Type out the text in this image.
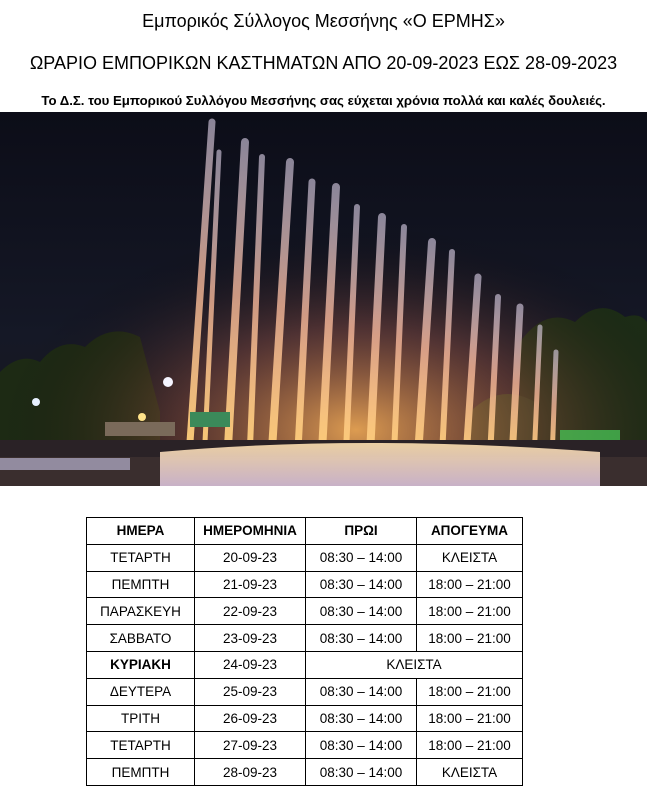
Εμπορικός Σύλλογος Μεσσήνης «Ο ΕΡΜΗΣ»
ΩΡΑΡΙΟ ΕΜΠΟΡΙΚΩΝ ΚΑΣΤΗΜΑΤΩΝ ΑΠΟ 20-09-2023 ΕΩΣ 28-09-2023
Το Δ.Σ. του Εμπορικού Συλλόγου Μεσσήνης σας εύχεται χρόνια πολλά και καλές δουλειές.
ΗΜΕΡΑ	ΗΜΕΡΟΜΗΝΙΑ	ΠΡΩΙ	ΑΠΟΓΕΥΜΑ
ΤΕΤΑΡΤΗ	20-09-23	08:30 – 14:00	ΚΛΕΙΣΤΑ
ΠΕΜΠΤΗ	21-09-23	08:30 – 14:00	18:00 – 21:00
ΠΑΡΑΣΚΕΥΗ	22-09-23	08:30 – 14:00	18:00 – 21:00
ΣΑΒΒΑΤΟ	23-09-23	08:30 – 14:00	18:00 – 21:00
ΚΥΡΙΑΚΗ	24-09-23	ΚΛΕΙΣΤΑ	
ΔΕΥΤΕΡΑ	25-09-23	08:30 – 14:00	18:00 – 21:00
ΤΡΙΤΗ	26-09-23	08:30 – 14:00	18:00 – 21:00
ΤΕΤΑΡΤΗ	27-09-23	08:30 – 14:00	18:00 – 21:00
ΠΕΜΠΤΗ	28-09-23	08:30 – 14:00	ΚΛΕΙΣΤΑ
